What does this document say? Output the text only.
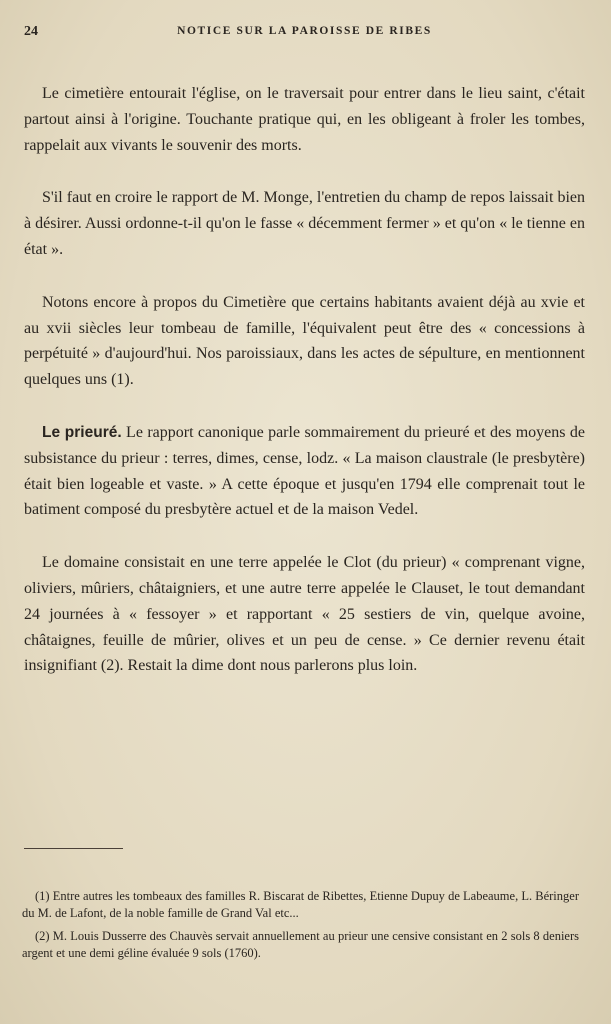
24	NOTICE SUR LA PAROISSE DE RIBES

Le cimetière entourait l'église, on le traversait pour entrer dans le lieu saint, c'était partout ainsi à l'origine. Touchante pratique qui, en les obligeant à froler les tombes, rappelait aux vivants le souvenir des morts.

S'il faut en croire le rapport de M. Monge, l'entretien du champ de repos laissait bien à désirer. Aussi ordonne-t-il qu'on le fasse « décemment fermer » et qu'on « le tienne en état ».

Notons encore à propos du Cimetière que certains habitants avaient déjà au xvie et au xvii siècles leur tombeau de famille, l'équivalent peut être des « concessions à perpétuité » d'aujourd'hui. Nos paroissiaux, dans les actes de sépulture, en mentionnent quelques uns (1).

Le prieuré. Le rapport canonique parle sommairement du prieuré et des moyens de subsistance du prieur : terres, dimes, cense, lodz. « La maison claustrale (le presbytère) était bien logeable et vaste. » A cette époque et jusqu'en 1794 elle comprenait tout le batiment composé du presbytère actuel et de la maison Vedel.

Le domaine consistait en une terre appelée le Clot (du prieur) « comprenant vigne, oliviers, mûriers, châtaigniers, et une autre terre appelée le Clauset, le tout demandant 24 journées à « fessoyer » et rapportant « 25 sestiers de vin, quelque avoine, châtaignes, feuille de mûrier, olives et un peu de cense. » Ce dernier revenu était insignifiant (2). Restait la dime dont nous parlerons plus loin.

(1) Entre autres les tombeaux des familles R. Biscarat de Ribettes, Etienne Dupuy de Labeaume, L. Béringer du M. de Lafont, de la noble famille de Grand Val etc...

(2) M. Louis Dusserre des Chauvès servait annuellement au prieur une censive consistant en 2 sols 8 deniers argent et une demi géline évaluée 9 sols (1760).
